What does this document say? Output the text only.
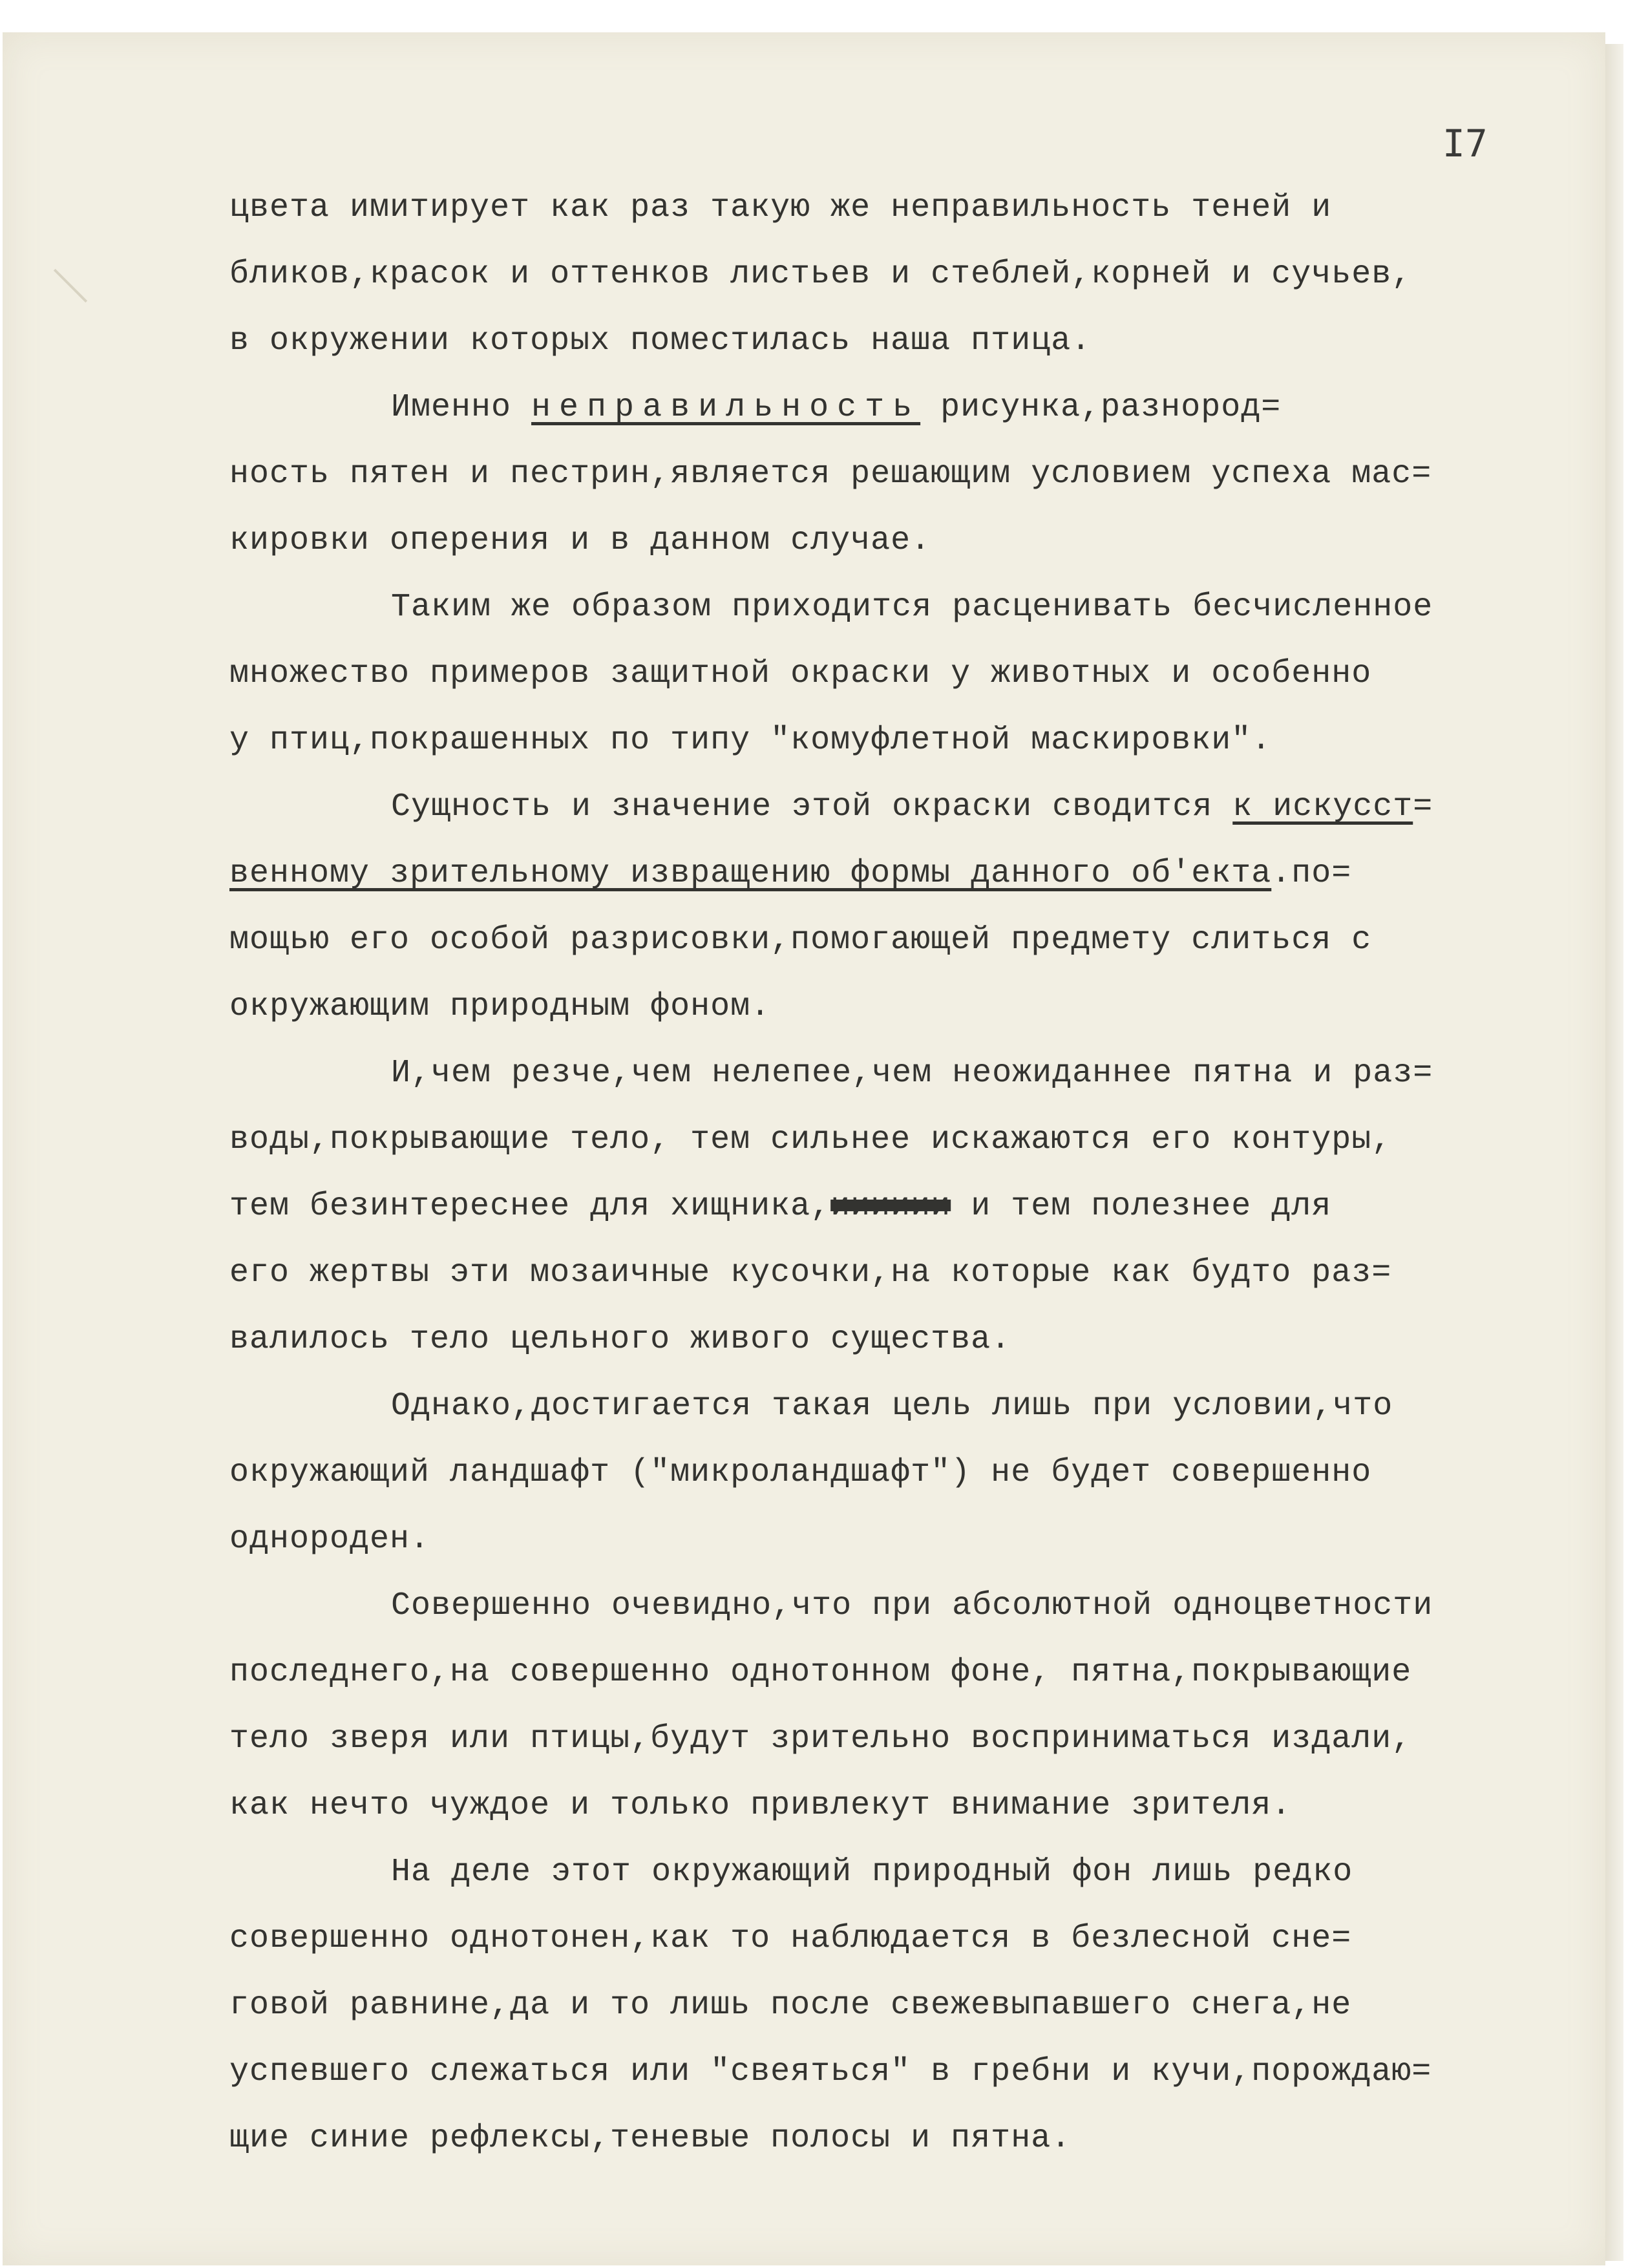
I7
цвета имитирует как раз такую же неправильность теней и
бликов,красок и оттенков листьев и стеблей,корней и сучьев,
в окружении которых поместилась наша птица.
Именно неправильность рисунка,разнород=
ность пятен и пестрин,является решающим условием успеха мас=
кировки оперения и в данном случае.
Таким же образом приходится расценивать бесчисленное
множество примеров защитной окраски у животных и особенно
у птиц,покрашенных по типу "комуфлетной маскировки".
Сущность и значение этой окраски сводится к искусст=
венному зрительному извращению формы данного об'екта.по=
мощью его особой разрисовки,помогающей предмету слиться с
окружающим природным фоном.
И,чем резче,чем нелепее,чем неожиданнее пятна и раз=
воды,покрывающие тело, тем сильнее искажаются его контуры,
тем безинтереснее для хищника,ииииии и тем полезнее для
его жертвы эти мозаичные кусочки,на которые как будто раз=
валилось тело цельного живого существа.
Однако,достигается такая цель лишь при условии,что
окружающий ландшафт ("микроландшафт") не будет совершенно
однороден.
Совершенно очевидно,что при абсолютной одноцветности
последнего,на совершенно однотонном фоне, пятна,покрывающие
тело зверя или птицы,будут зрительно восприниматься издали,
как нечто чуждое и только привлекут внимание зрителя.
На деле этот окружающий природный фон лишь редко
совершенно однотонен,как то наблюдается в безлесной сне=
говой равнине,да и то лишь после свежевыпавшего снега,не
успевшего слежаться или "свеяться" в гребни и кучи,порождаю=
щие синие рефлексы,теневые полосы и пятна.
